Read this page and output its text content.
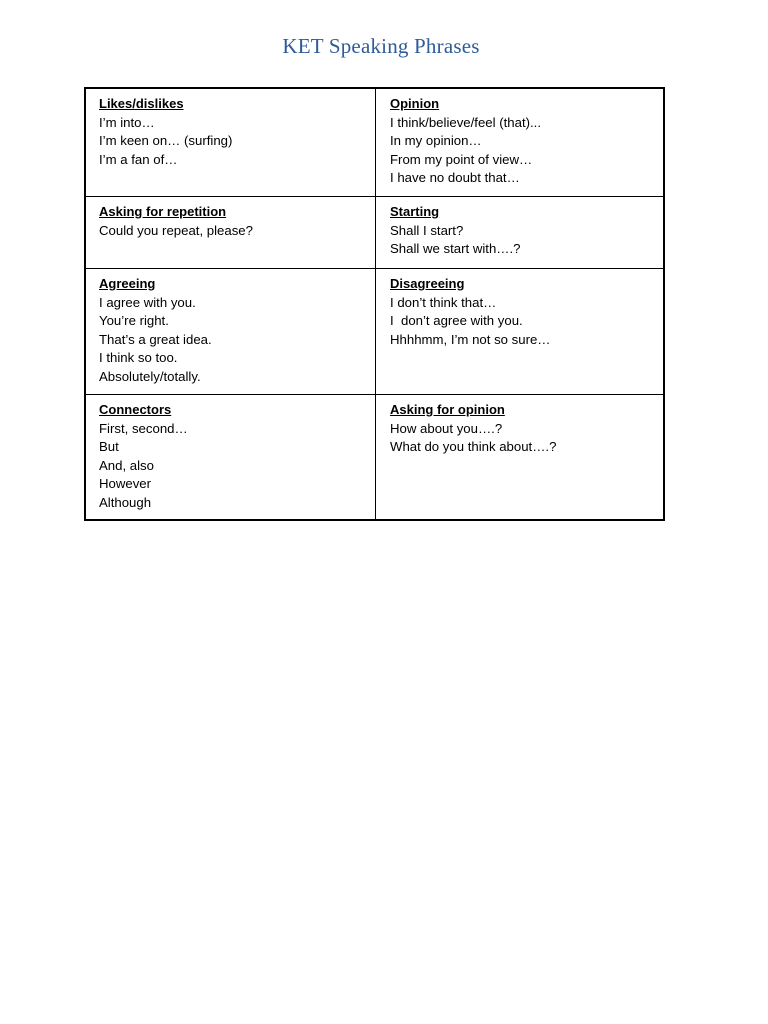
KET Speaking Phrases
Likes/dislikes
I’m into…
I’m keen on… (surfing)
I’m a fan of…
Opinion
I think/believe/feel (that)...
In my opinion…
From my point of view…
I have no doubt that…
Asking for repetition
Could you repeat, please?
Starting
Shall I start?
Shall we start with….?
Agreeing
I agree with you.
You’re right.
That’s a great idea.
I think so too.
Absolutely/totally.
Disagreeing
I don’t think that…
I  don’t agree with you.
Hhhhmm, I’m not so sure…
Connectors
First, second…
But
And, also
However
Although
Asking for opinion
How about you….?
What do you think about….?
